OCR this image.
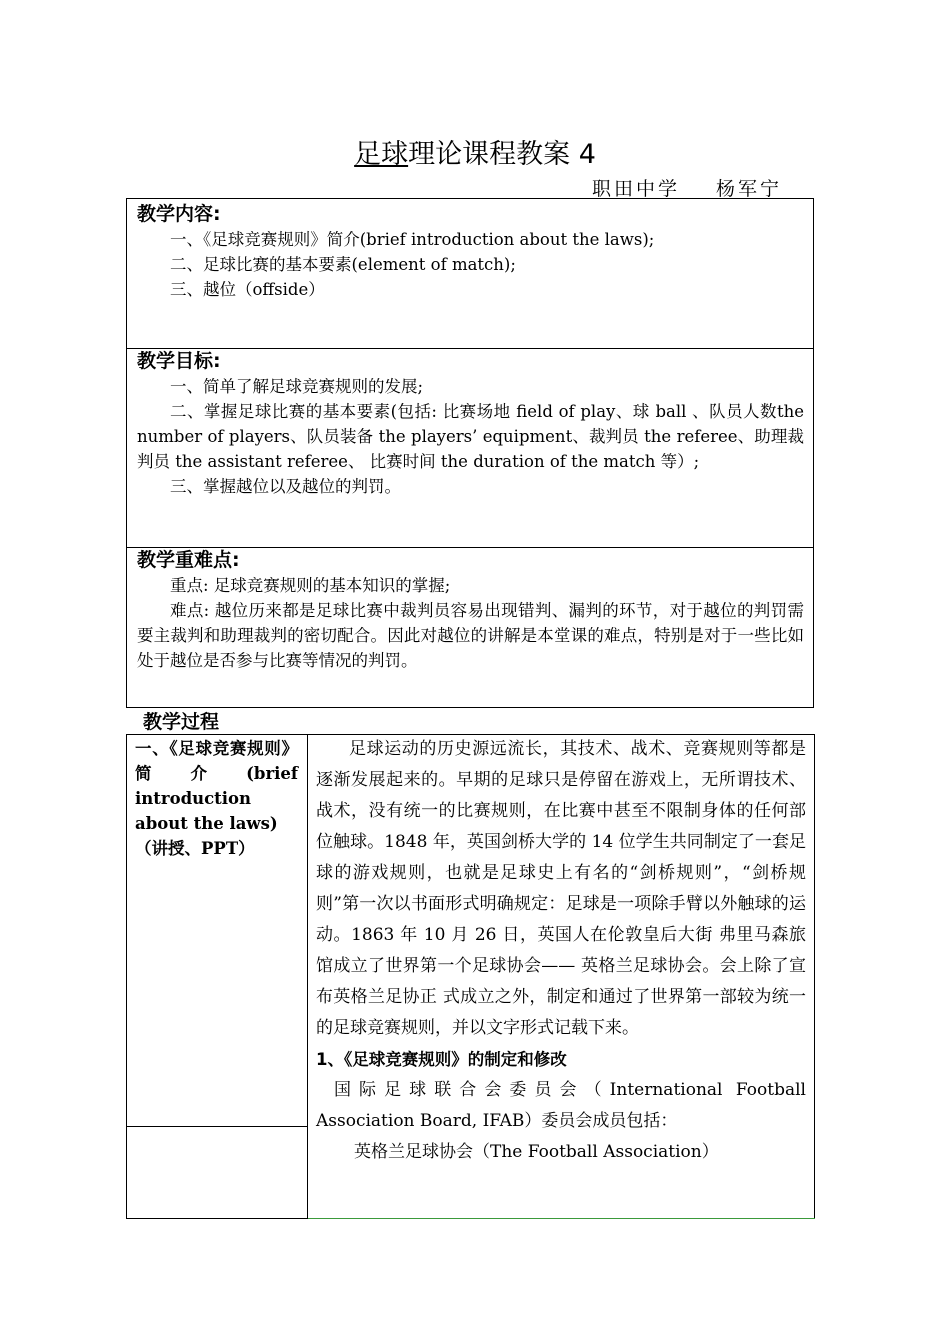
足球理论课程教案 4
职田中学 杨军宁
教学内容:
一、《足球竞赛规则》简介(brief introduction about the laws);
二、足球比赛的基本要素(element of match);
三、越位（offside）
教学目标:
一、简单了解足球竞赛规则的发展;
二、掌握足球比赛的基本要素(包括: 比赛场地 field of play、球 ball 、队员人数the number of players、队员装备 the players’ equipment、裁判员 the referee、助理裁判员 the assistant referee、 比赛时间 the duration of the match 等）;
三、掌握越位以及越位的判罚。
教学重难点:
重点: 足球竞赛规则的基本知识的掌握;
难点: 越位历来都是足球比赛中裁判员容易出现错判、漏判的环节，对于越位的判罚需要主裁判和助理裁判的密切配合。因此对越位的讲解是本堂课的难点，特别是对于一些比如处于越位是否参与比赛等情况的判罚。
教学过程
一、《足球竞赛规则》简介(brief introduction about the laws)
（讲授、PPT）
足球运动的历史源远流长，其技术、战术、竞赛规则等都是逐渐发展起来的。早期的足球只是停留在游戏上，无所谓技术、战术，没有统一的比赛规则，在比赛中甚至不限制身体的任何部位触球。1848 年，英国剑桥大学的 14 位学生共同制定了一套足球的游戏规则，也就是足球史上有名的“剑桥规则”，“剑桥规则”第一次以书面形式明确规定：足球是一项除手臂以外触球的运动。1863 年 10 月 26 日，英国人在伦敦皇后大街 弗里马森旅馆成立了世界第一个足球协会—— 英格兰足球协会。会上除了宣布英格兰足协正 式成立之外，制定和通过了世界第一部较为统一的足球竞赛规则，并以文字形式记载下来。
1、《足球竞赛规则》的制定和修改
国际足球联合会委员会（International Football Association Board, IFAB）委员会成员包括：
英格兰足球协会（The Football Association）
